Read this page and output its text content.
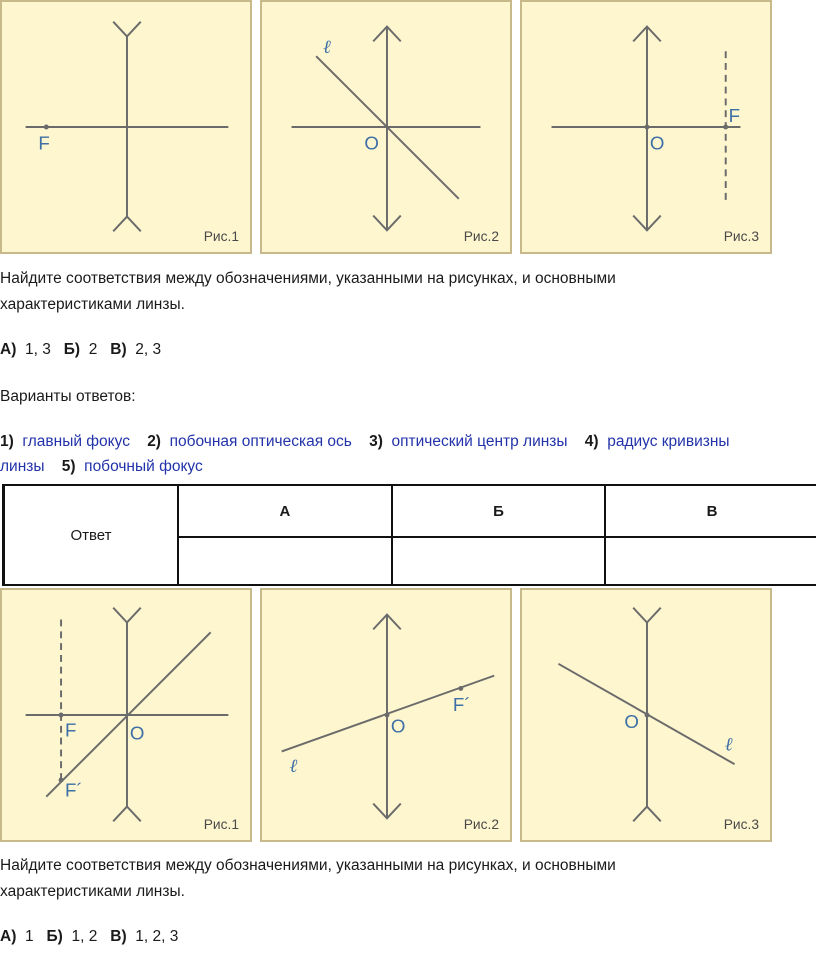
F
Рис.1
ℓ
O
Рис.2
O
F
Рис.3
Найдите соответствия между обозначениями, указанными на рисунках, и основными
характеристиками линзы.
А) 1, 3 Б) 2 В) 2, 3
Варианты ответов:
1) главный фокус 2) побочная оптическая ось 3) оптический центр линзы 4) радиус кривизны
линзы 5) побочный фокус
Ответ	А	Б	В

F	O
F´
Рис.1
O
F´
ℓ
Рис.2
O
ℓ
Рис.3
Найдите соответствия между обозначениями, указанными на рисунках, и основными
характеристиками линзы.
А) 1 Б) 1, 2 В) 1, 2, 3
